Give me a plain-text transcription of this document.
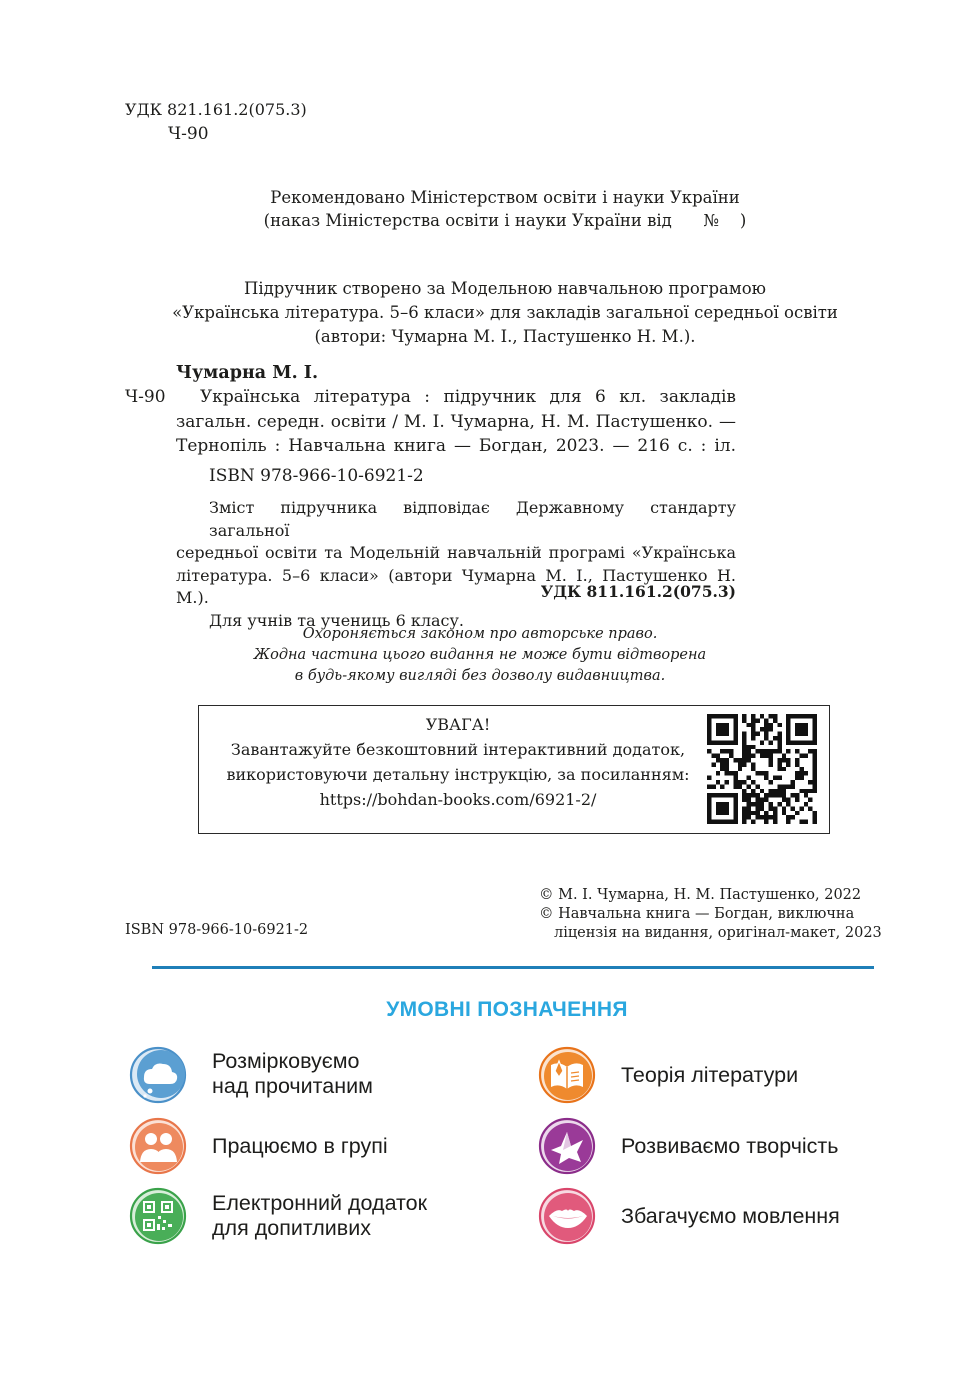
УДК 821.161.2(075.3)
Ч-90
Рекомендовано Міністерством освіти і науки України
(наказ Міністерства освіти і науки України від      №    )
Підручник створено за Модельною навчальною програмою
«Українська література. 5–6 класи» для закладів загальної середньої освіти
(автори: Чумарна М. І., Пастушенко Н. М.).
Чумарна М. І.
Ч-90	Українська література : підручник для 6 кл. закладів
загальн. середн. освіти / М. І. Чумарна, Н. М. Пастушенко. —
Тернопіль : Навчальна книга — Богдан, 2023. — 216 с. : іл.
ISBN 978-966-10-6921-2
Зміст підручника відповідає Державному стандарту загальної
середньої освіти та Модельній навчальній програмі «Українська
література. 5–6 класи» (автори Чумарна М. І., Пастушенко Н. М.).
Для учнів та учениць 6 класу.
УДК 811.161.2(075.3)
Охороняється законом про авторське право.
Жодна частина цього видання не може бути відтворена
в будь-якому вигляді без дозволу видавництва.
УВАГА!
Завантажуйте безкоштовний інтерактивний додаток,
використовуючи детальну інструкцію, за посиланням:
https://bohdan-books.com/6921-2/
© М. І. Чумарна, Н. М. Пастушенко, 2022
© Навчальна книга — Богдан, виключна
ліцензія на видання, оригінал-макет, 2023
ISBN 978-966-10-6921-2
УМОВНІ ПОЗНАЧЕННЯ
Розмірковуємо
над прочитаним	Теорія літератури
Працюємо в групі	Розвиваємо творчість
Електронний додаток
для допитливих	Збагачуємо мовлення
